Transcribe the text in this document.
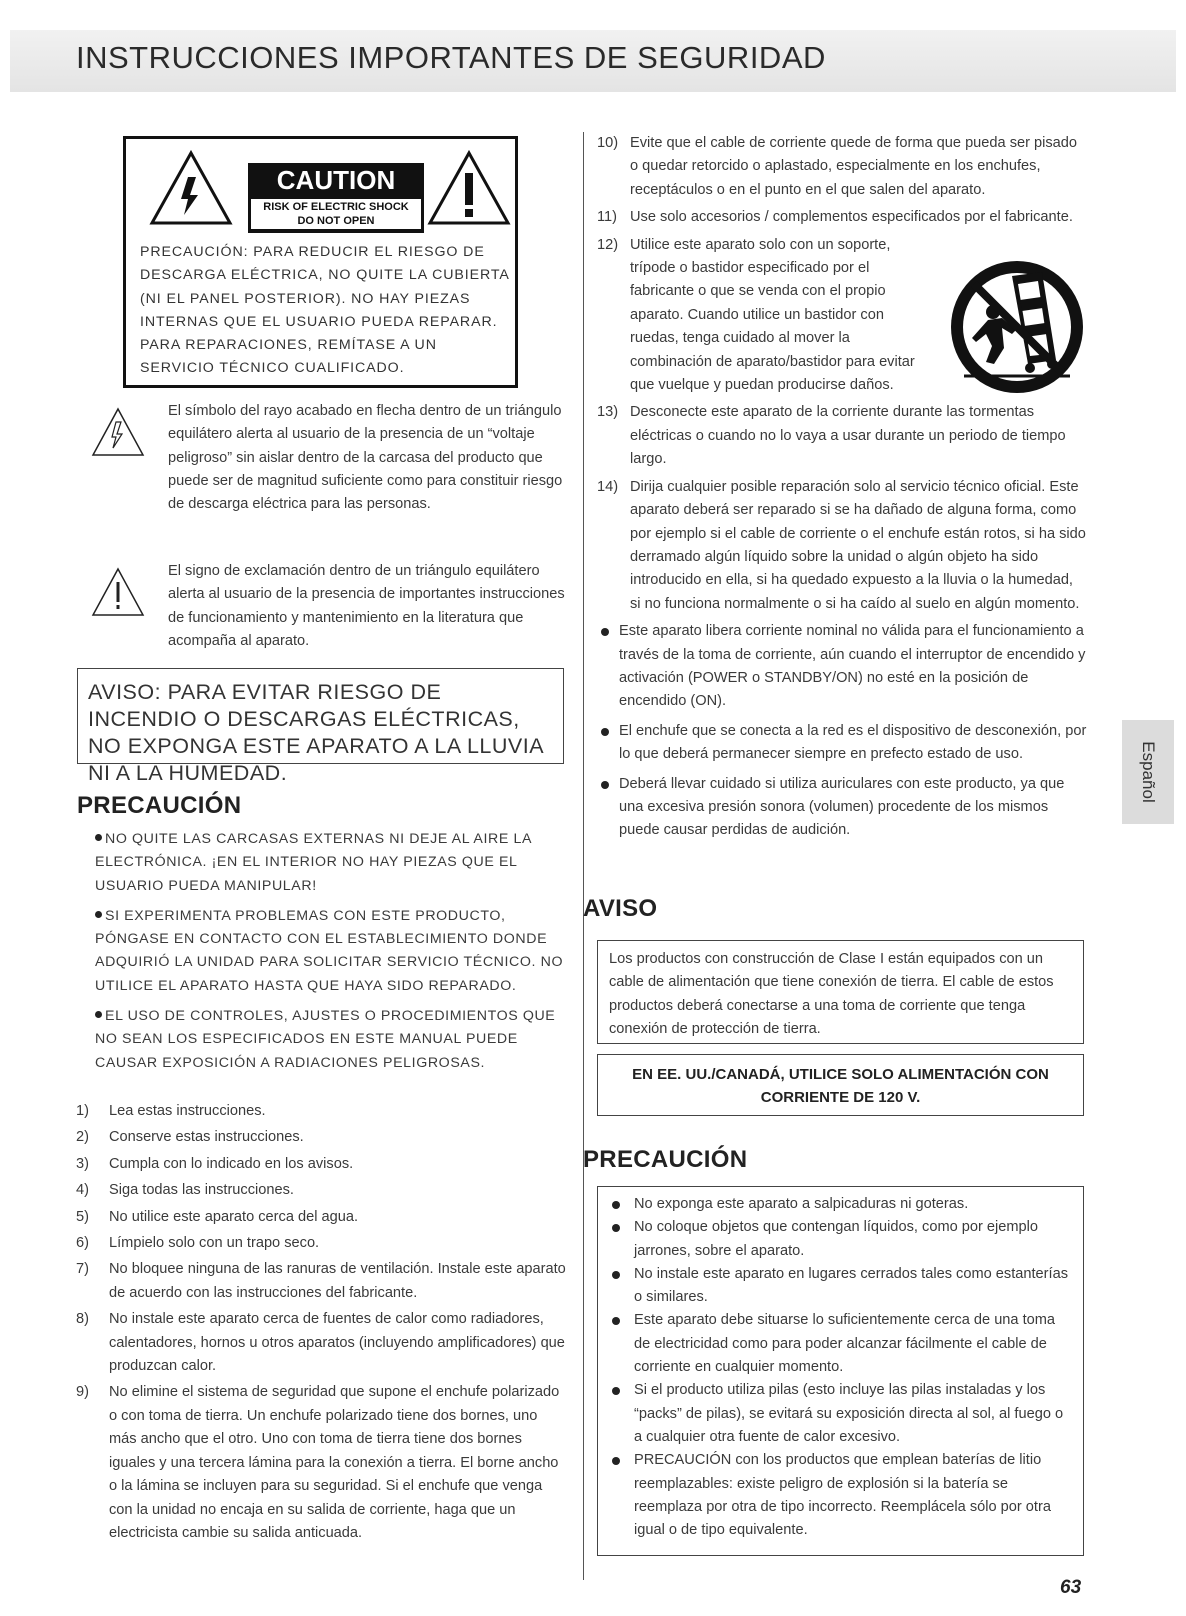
INSTRUCCIONES IMPORTANTES DE SEGURIDAD
Español
CAUTION
RISK OF ELECTRIC SHOCK
DO NOT OPEN
PRECAUCIÓN: PARA REDUCIR EL RIESGO DE DESCARGA ELÉCTRICA, NO QUITE LA CUBIERTA (NI EL PANEL POSTERIOR). NO HAY PIEZAS INTERNAS QUE EL USUARIO PUEDA REPARAR. PARA REPARACIONES, REMÍTASE A UN SERVICIO TÉCNICO CUALIFICADO.
El símbolo del rayo acabado en flecha dentro de un triángulo equilátero alerta al usuario de la presencia de un “voltaje peligroso” sin aislar dentro de la carcasa del producto que puede ser de magnitud suficiente como para constituir riesgo de descarga eléctrica para las personas.
El signo de exclamación dentro de un triángulo equilátero alerta al usuario de la presencia de importantes instrucciones de funcionamiento y mantenimiento en la literatura que acompaña al aparato.
AVISO: PARA EVITAR RIESGO DE INCENDIO O DESCARGAS ELÉCTRICAS, NO EXPONGA ESTE APARATO A LA LLUVIA NI A LA HUMEDAD.
PRECAUCIÓN

NO QUITE LAS CARCASAS EXTERNAS NI DEJE AL AIRE LA ELECTRÓNICA. ¡EN EL INTERIOR NO HAY PIEZAS QUE EL USUARIO PUEDA MANIPULAR!

SI EXPERIMENTA PROBLEMAS CON ESTE PRODUCTO, PÓNGASE EN CONTACTO CON EL ESTABLECIMIENTO DONDE ADQUIRIÓ LA UNIDAD PARA SOLICITAR SERVICIO TÉCNICO. NO UTILICE EL APARATO HASTA QUE HAYA SIDO REPARADO.

EL USO DE CONTROLES, AJUSTES O PROCEDIMIENTOS QUE NO SEAN LOS ESPECIFICADOS EN ESTE MANUAL PUEDE CAUSAR EXPOSICIÓN A RADIACIONES PELIGROSAS.

1) Lea estas instrucciones.
2) Conserve estas instrucciones.
3) Cumpla con lo indicado en los avisos.
4) Siga todas las instrucciones.
5) No utilice este aparato cerca del agua.
6) Límpielo solo con un trapo seco.
7) No bloquee ninguna de las ranuras de ventilación. Instale este aparato de acuerdo con las instrucciones del fabricante.
8) No instale este aparato cerca de fuentes de calor como radiadores, calentadores, hornos u otros aparatos (incluyendo amplificadores) que produzcan calor.
9) No elimine el sistema de seguridad que supone el enchufe polarizado o con toma de tierra. Un enchufe polarizado tiene dos bornes, uno más ancho que el otro. Uno con toma de tierra tiene dos bornes iguales y una tercera lámina para la conexión a tierra. El borne ancho o la lámina se incluyen para su seguridad. Si el enchufe que venga con la unidad no encaja en su salida de corriente, haga que un electricista cambie su salida anticuada.
10) Evite que el cable de corriente quede de forma que pueda ser pisado o quedar retorcido o aplastado, especialmente en los enchufes, receptáculos o en el punto en el que salen del aparato.
11) Use solo accesorios / complementos especificados por el fabricante.
12) Utilice este aparato solo con un soporte, trípode o bastidor especificado por el fabricante o que se venda con el propio aparato. Cuando utilice un bastidor con ruedas, tenga cuidado al mover la combinación de aparato/bastidor para evitar que vuelque y puedan producirse daños.
13) Desconecte este aparato de la corriente durante las tormentas eléctricas o cuando no lo vaya a usar durante un periodo de tiempo largo.
14) Dirija cualquier posible reparación solo al servicio técnico oficial. Este aparato deberá ser reparado si se ha dañado de alguna forma, como por ejemplo si el cable de corriente o el enchufe están rotos, si ha sido derramado algún líquido sobre la unidad o algún objeto ha sido introducido en ella, si ha quedado expuesto a la lluvia o la humedad, si no funciona normalmente o si ha caído al suelo en algún momento.
Este aparato libera corriente nominal no válida para el funcionamiento a través de la toma de corriente, aún cuando el interruptor de encendido y activación (POWER o STANDBY/ON) no esté en la posición de encendido (ON).
El enchufe que se conecta a la red es el dispositivo de desconexión, por lo que deberá permanecer siempre en prefecto estado de uso.
Deberá llevar cuidado si utiliza auriculares con este producto, ya que una excesiva presión sonora (volumen) procedente de los mismos puede causar perdidas de audición.
AVISO
Los productos con construcción de Clase I están equipados con un cable de alimentación que tiene conexión de tierra. El cable de estos productos deberá conectarse a una toma de corriente que tenga conexión de protección de tierra.
EN EE. UU./CANADÁ, UTILICE SOLO ALIMENTACIÓN CON CORRIENTE DE 120 V.
PRECAUCIÓN
No exponga este aparato a salpicaduras ni goteras.
No coloque objetos que contengan líquidos, como por ejemplo jarrones, sobre el aparato.
No instale este aparato en lugares cerrados tales como estanterías o similares.
Este aparato debe situarse lo suficientemente cerca de una toma de electricidad como para poder alcanzar fácilmente el cable de corriente en cualquier momento.
Si el producto utiliza pilas (esto incluye las pilas instaladas y los “packs” de pilas), se evitará su exposición directa al sol, al fuego o a cualquier otra fuente de calor excesivo.
PRECAUCIÓN con los productos que emplean baterías de litio reemplazables: existe peligro de explosión si la batería se reemplaza por otra de tipo incorrecto. Reemplácela sólo por otra igual o de tipo equivalente.
63
